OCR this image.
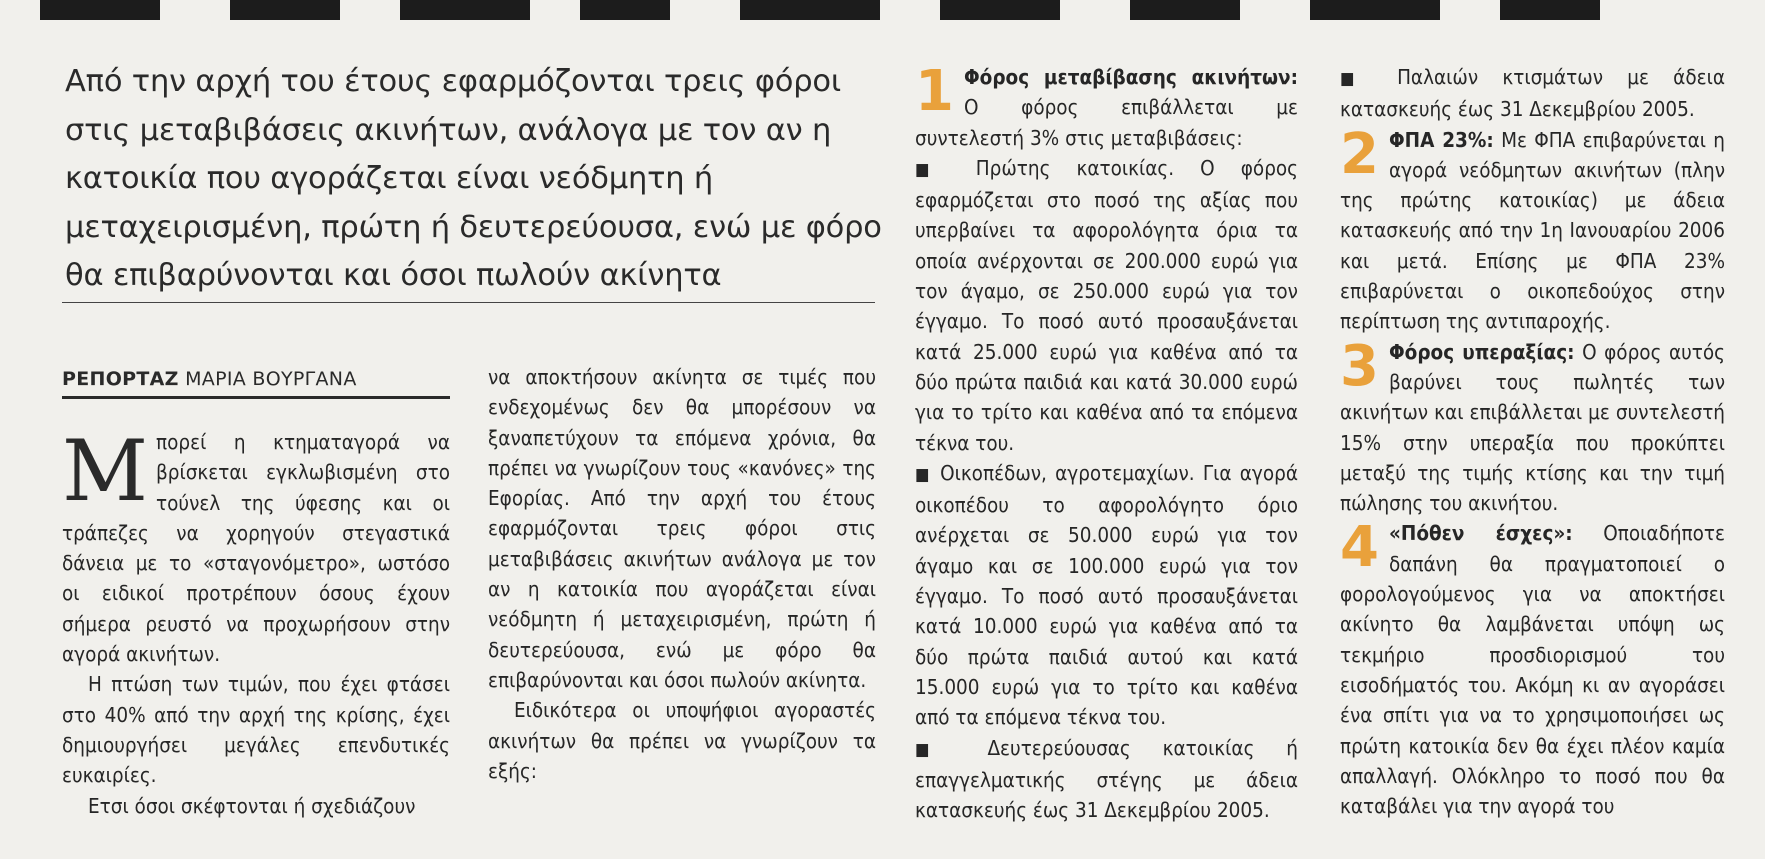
Από την αρχή του έτους εφαρμόζονται τρεις φόροι στις μεταβιβάσεις ακινήτων, ανάλογα με τον αν η κατοικία που αγοράζεται είναι νεόδμητη ή μεταχειρισμένη, πρώτη ή δευτερεύουσα, ενώ με φόρο θα επιβαρύνονται και όσοι πωλούν ακίνητα
ΡΕΠΟΡΤΑΖ ΜΑΡΙΑ ΒΟΥΡΓΑΝΑ

Μ πορεί η κτηματαγορά να βρίσκεται εγκλωβισμένη στο τούνελ της ύφεσης και οι τράπεζες να χορηγούν στεγαστικά δάνεια με το «σταγονόμετρο», ωστόσο οι ειδικοί προτρέπουν όσους έχουν σήμερα ρευστό να προχωρήσουν στην αγορά ακινήτων.

Η πτώση των τιμών, που έχει φτάσει στο 40% από την αρχή της κρίσης, έχει δημιουργήσει μεγάλες επενδυτικές ευκαιρίες.

Ετσι όσοι σκέφτονται ή σχεδιάζουν

να αποκτήσουν ακίνητα σε τιμές που ενδεχομένως δεν θα μπορέσουν να ξαναπετύχουν τα επόμενα χρόνια, θα πρέπει να γνωρίζουν τους «κανόνες» της Εφορίας. Από την αρχή του έτους εφαρμόζονται τρεις φόροι στις μεταβιβάσεις ακινήτων ανάλογα με τον αν η κατοικία που αγοράζεται είναι νεόδμητη ή μεταχειρισμένη, πρώτη ή δευτερεύουσα, ενώ με φόρο θα επιβαρύνονται και όσοι πωλούν ακίνητα.

Ειδικότερα οι υποψήφιοι αγοραστές ακινήτων θα πρέπει να γνωρίζουν τα εξής:

1 Φόρος μεταβίβασης ακινήτων: Ο φόρος επιβάλλεται με συντελεστή 3% στις μεταβιβάσεις:

■ Πρώτης κατοικίας. Ο φόρος εφαρμόζεται στο ποσό της αξίας που υπερβαίνει τα αφορολόγητα όρια τα οποία ανέρχονται σε 200.000 ευρώ για τον άγαμο, σε 250.000 ευρώ για τον έγγαμο. Το ποσό αυτό προσαυξάνεται κατά 25.000 ευρώ για καθένα από τα δύο πρώτα παιδιά και κατά 30.000 ευρώ για το τρίτο και καθένα από τα επόμενα τέκνα του.

■ Οικοπέδων, αγροτεμαχίων. Για αγορά οικοπέδου το αφορολόγητο όριο ανέρχεται σε 50.000 ευρώ για τον άγαμο και σε 100.000 ευρώ για τον έγγαμο. Το ποσό αυτό προσαυξάνεται κατά 10.000 ευρώ για καθένα από τα δύο πρώτα παιδιά αυτού και κατά 15.000 ευρώ για το τρίτο και καθένα από τα επόμενα τέκνα του.

■ Δευτερεύουσας κατοικίας ή επαγγελματικής στέγης με άδεια κατασκευής έως 31 Δεκεμβρίου 2005.

■ Παλαιών κτισμάτων με άδεια κατασκευής έως 31 Δεκεμβρίου 2005.

2 ΦΠΑ 23%: Με ΦΠΑ επιβαρύνεται η αγορά νεόδμητων ακινήτων (πλην της πρώτης κατοικίας) με άδεια κατασκευής από την 1η Ιανουαρίου 2006 και μετά. Επίσης με ΦΠΑ 23% επιβαρύνεται ο οικοπεδούχος στην περίπτωση της αντιπαροχής.

3 Φόρος υπεραξίας: Ο φόρος αυτός βαρύνει τους πωλητές των ακινήτων και επιβάλλεται με συντελεστή 15% στην υπεραξία που προκύπτει μεταξύ της τιμής κτίσης και την τιμή πώλησης του ακινήτου.

4 «Πόθεν έσχες»: Οποιαδήποτε δαπάνη θα πραγματοποιεί ο φορολογούμενος για να αποκτήσει ακίνητο θα λαμβάνεται υπόψη ως τεκμήριο προσδιορισμού του εισοδήματός του. Ακόμη κι αν αγοράσει ένα σπίτι για να το χρησιμοποιήσει ως πρώτη κατοικία δεν θα έχει πλέον καμία απαλλαγή. Ολόκληρο το ποσό που θα καταβάλει για την αγορά του
